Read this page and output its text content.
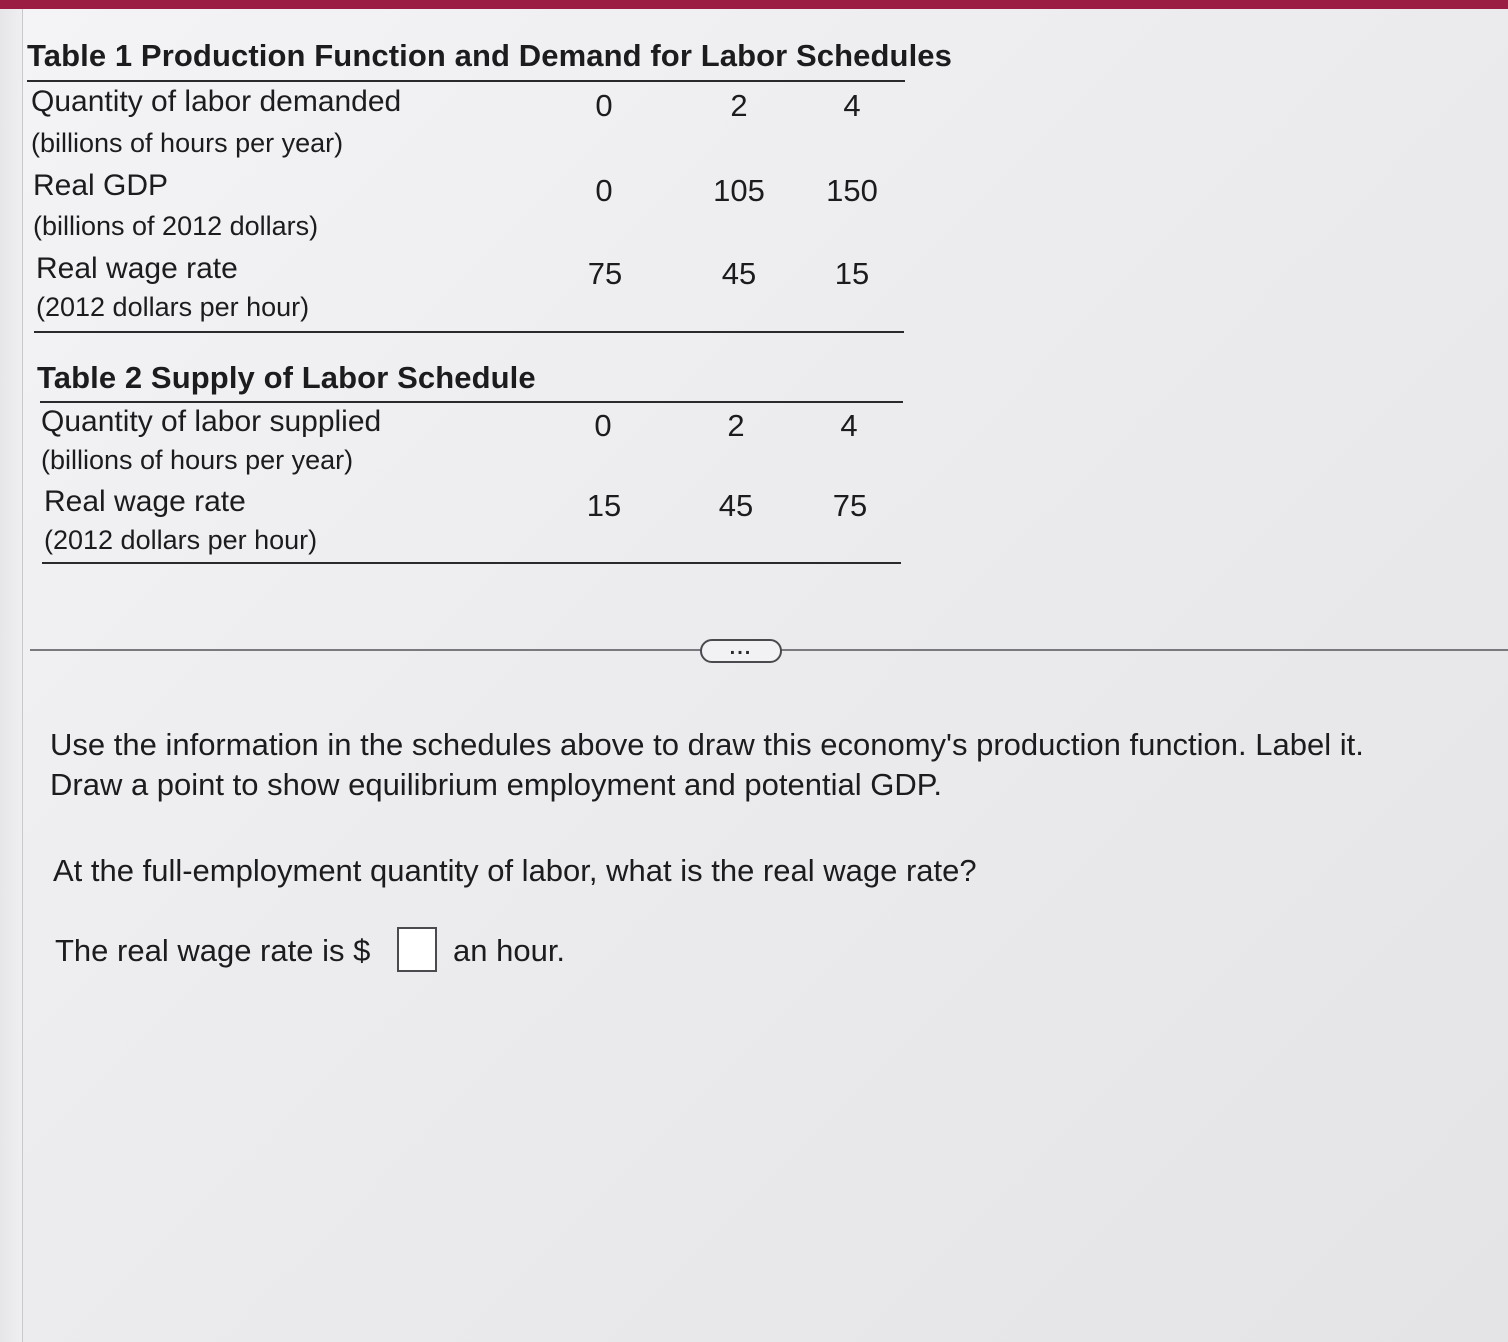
Table 1 Production Function and Demand for Labor Schedules
Quantity of labor demanded
(billions of hours per year)
0	2	4
Real GDP
(billions of 2012 dollars)
0	105	150
Real wage rate
(2012 dollars per hour)
75	45	15
Table 2 Supply of Labor Schedule
Quantity of labor supplied
(billions of hours per year)
0	2	4
Real wage rate
(2012 dollars per hour)
15	45	75
...
Use the information in the schedules above to draw this economy's production function. Label it.
Draw a point to show equilibrium employment and potential GDP.
At the full-employment quantity of labor, what is the real wage rate?
The real wage rate is $	an hour.
